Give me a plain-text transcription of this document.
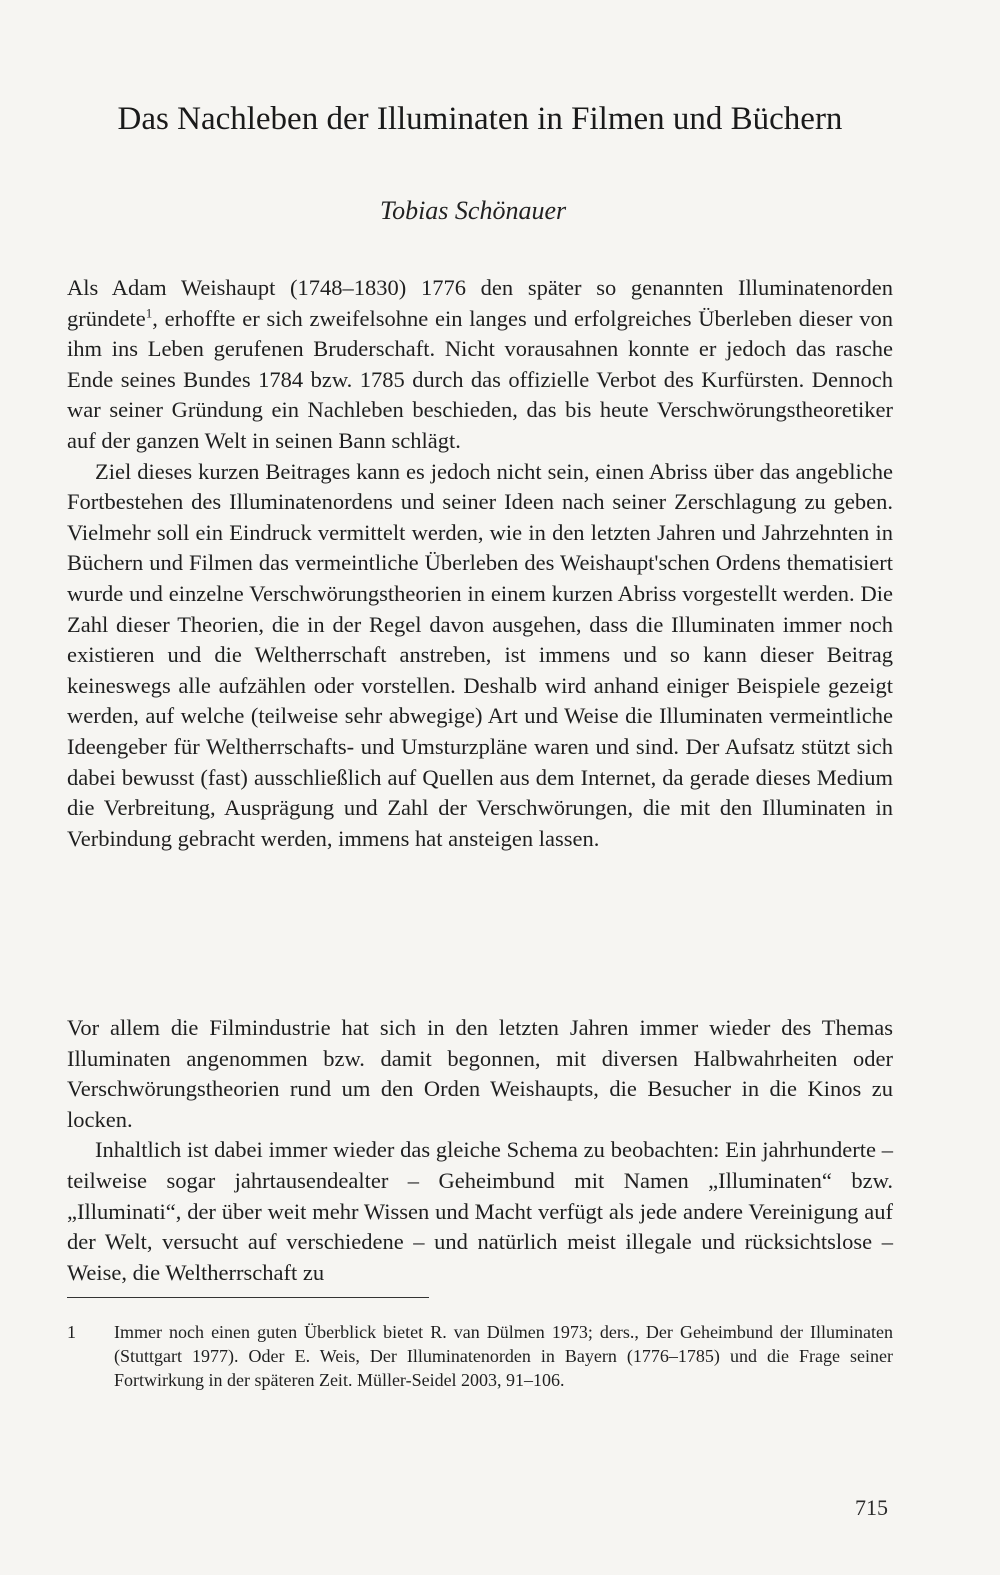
Das Nachleben der Illuminaten in Filmen und Büchern

Tobias Schönauer

Als Adam Weishaupt (1748–1830) 1776 den später so genannten Illuminatenorden gründete$^1$, erhoffte er sich zweifelsohne ein langes und erfolgreiches Überleben dieser von ihm ins Leben gerufenen Bruderschaft. Nicht vorausahnen konnte er jedoch das rasche Ende seines Bundes 1784 bzw. 1785 durch das offizielle Verbot des Kurfürsten. Dennoch war seiner Gründung ein Nachleben beschieden, das bis heute Verschwörungstheoretiker auf der ganzen Welt in seinen Bann schlägt.

Ziel dieses kurzen Beitrages kann es jedoch nicht sein, einen Abriss über das angebliche Fortbestehen des Illuminatenordens und seiner Ideen nach seiner Zerschlagung zu geben. Vielmehr soll ein Eindruck vermittelt werden, wie in den letzten Jahren und Jahrzehnten in Büchern und Filmen das vermeintliche Überleben des Weishaupt'schen Ordens thematisiert wurde und einzelne Verschwörungstheorien in einem kurzen Abriss vorgestellt werden. Die Zahl dieser Theorien, die in der Regel davon ausgehen, dass die Illuminaten immer noch existieren und die Weltherrschaft anstreben, ist immens und so kann dieser Beitrag keineswegs alle aufzählen oder vorstellen. Deshalb wird anhand einiger Beispiele gezeigt werden, auf welche (teilweise sehr abwegige) Art und Weise die Illuminaten vermeintliche Ideengeber für Weltherrschafts- und Umsturzpläne waren und sind. Der Aufsatz stützt sich dabei bewusst (fast) ausschließlich auf Quellen aus dem Internet, da gerade dieses Medium die Verbreitung, Ausprägung und Zahl der Verschwörungen, die mit den Illuminaten in Verbindung gebracht werden, immens hat ansteigen lassen.

Vor allem die Filmindustrie hat sich in den letzten Jahren immer wieder des Themas Illuminaten angenommen bzw. damit begonnen, mit diversen Halbwahrheiten oder Verschwörungstheorien rund um den Orden Weishaupts, die Besucher in die Kinos zu locken.

Inhaltlich ist dabei immer wieder das gleiche Schema zu beobachten: Ein jahrhunderte – teilweise sogar jahrtausendealter – Geheimbund mit Namen „Illuminaten“ bzw. „Illuminati“, der über weit mehr Wissen und Macht verfügt als jede andere Vereinigung auf der Welt, versucht auf verschiedene – und natürlich meist illegale und rücksichtslose – Weise, die Weltherrschaft zu

1	Immer noch einen guten Überblick bietet R. van Dülmen 1973; ders., Der Geheimbund der Illuminaten (Stuttgart 1977). Oder E. Weis, Der Illuminatenorden in Bayern (1776–1785) und die Frage seiner Fortwirkung in der späteren Zeit. Müller-Seidel 2003, 91–106.
715
